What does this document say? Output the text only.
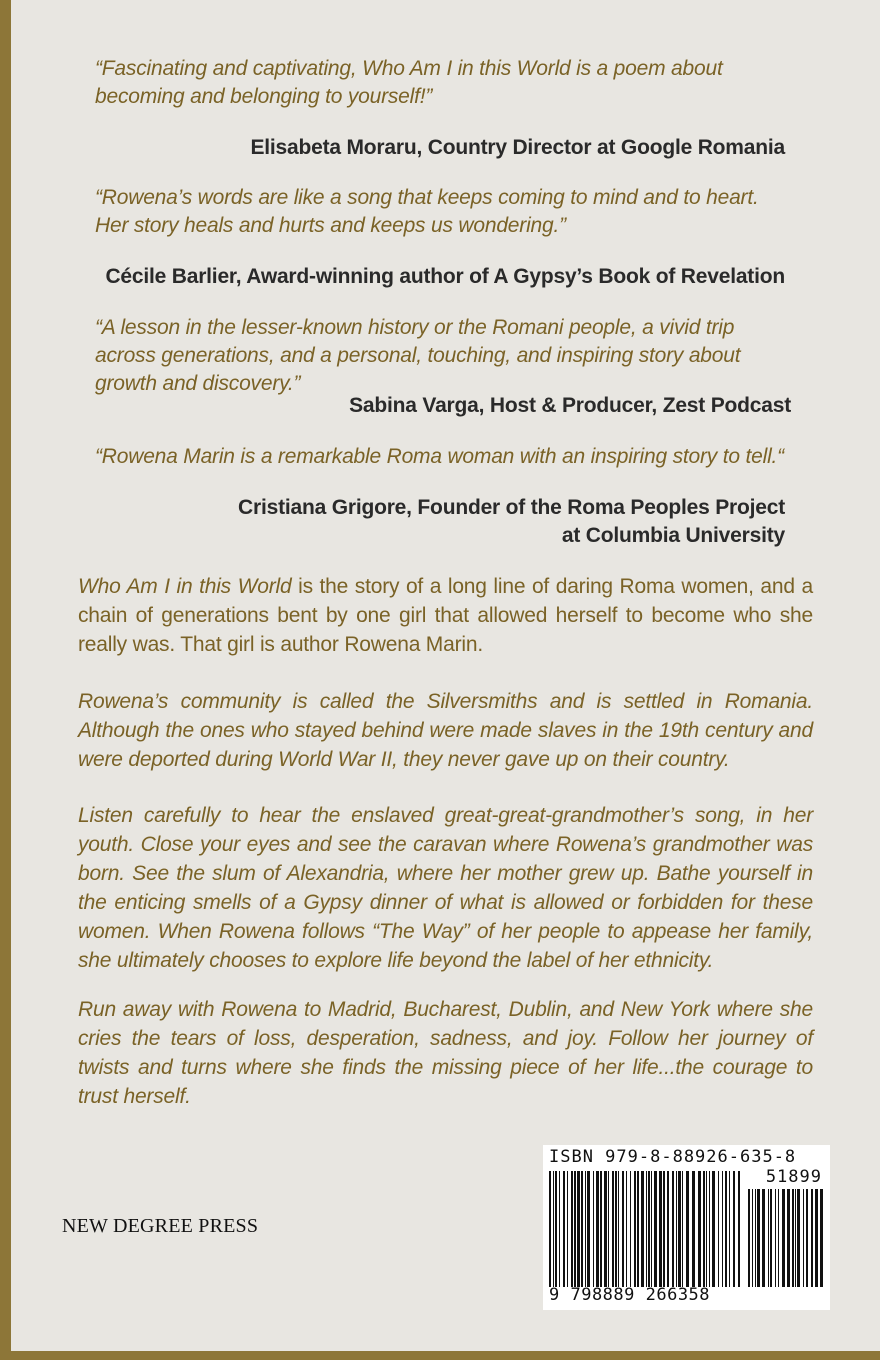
“Fascinating and captivating, Who Am I in this World is a poem about becoming and belonging to yourself!”
Elisabeta Moraru, Country Director at Google Romania
“Rowena’s words are like a song that keeps coming to mind and to heart. Her story heals and hurts and keeps us wondering.”
Cécile Barlier, Award-winning author of A Gypsy’s Book of Revelation
“A lesson in the lesser-known history or the Romani people, a vivid trip across generations, and a personal, touching, and inspiring story about growth and discovery.”
Sabina Varga, Host & Producer, Zest Podcast
“Rowena Marin is a remarkable Roma woman with an inspiring story to tell.“
Cristiana Grigore, Founder of the Roma Peoples Project at Columbia University
Who Am I in this World is the story of a long line of daring Roma women, and a chain of generations bent by one girl that allowed herself to become who she really was. That girl is author Rowena Marin.
Rowena’s community is called the Silversmiths and is settled in Romania. Although the ones who stayed behind were made slaves in the 19th century and were deported during World War II, they never gave up on their country.
Listen carefully to hear the enslaved great-great-grandmother’s song, in her youth. Close your eyes and see the caravan where Rowena’s grandmother was born. See the slum of Alexandria, where her mother grew up. Bathe yourself in the enticing smells of a Gypsy dinner of what is allowed or forbidden for these women. When Rowena follows “The Way” of her people to appease her family, she ultimately chooses to explore life beyond the label of her ethnicity.
Run away with Rowena to Madrid, Bucharest, Dublin, and New York where she cries the tears of loss, desperation, sadness, and joy. Follow her journey of twists and turns where she finds the missing piece of her life...the courage to trust herself.
NEW DEGREE PRESS
ISBN 979-8-88926-635-8
51899
9 798889 266358
